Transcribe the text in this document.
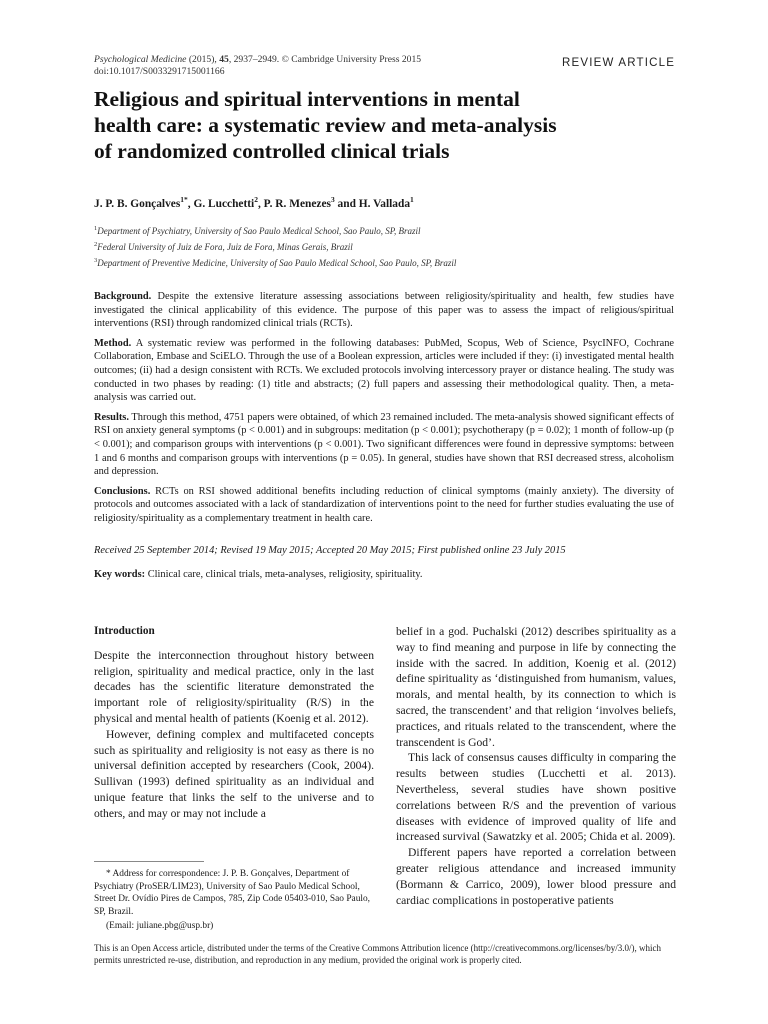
Psychological Medicine (2015), 45, 2937–2949. © Cambridge University Press 2015
doi:10.1017/S0033291715001166
REVIEW ARTICLE
Religious and spiritual interventions in mental
health care: a systematic review and meta-analysis
of randomized controlled clinical trials
J. P. B. Gonçalves$^{1*}$, G. Lucchetti$^2$, P. R. Menezes$^3$ and H. Vallada$^1$
$^1$Department of Psychiatry, University of Sao Paulo Medical School, Sao Paulo, SP, Brazil
$^2$Federal University of Juiz de Fora, Juiz de Fora, Minas Gerais, Brazil
$^3$Department of Preventive Medicine, University of Sao Paulo Medical School, Sao Paulo, SP, Brazil

Background. Despite the extensive literature assessing associations between religiosity/spirituality and health, few studies have investigated the clinical applicability of this evidence. The purpose of this paper was to assess the impact of religious/spiritual interventions (RSI) through randomized clinical trials (RCTs).

Method. A systematic review was performed in the following databases: PubMed, Scopus, Web of Science, PsycINFO, Cochrane Collaboration, Embase and SciELO. Through the use of a Boolean expression, articles were included if they: (i) investigated mental health outcomes; (ii) had a design consistent with RCTs. We excluded protocols involving intercessory prayer or distance healing. The study was conducted in two phases by reading: (1) title and abstracts; (2) full papers and assessing their methodological quality. Then, a meta-analysis was carried out.

Results. Through this method, 4751 papers were obtained, of which 23 remained included. The meta-analysis showed significant effects of RSI on anxiety general symptoms (p < 0.001) and in subgroups: meditation (p < 0.001); psychotherapy (p = 0.02); 1 month of follow-up (p < 0.001); and comparison groups with interventions (p < 0.001). Two significant differences were found in depressive symptoms: between 1 and 6 months and comparison groups with interventions (p = 0.05). In general, studies have shown that RSI decreased stress, alcoholism and depression.

Conclusions. RCTs on RSI showed additional benefits including reduction of clinical symptoms (mainly anxiety). The diversity of protocols and outcomes associated with a lack of standardization of interventions point to the need for further studies evaluating the use of religiosity/spirituality as a complementary treatment in health care.

Received 25 September 2014; Revised 19 May 2015; Accepted 20 May 2015; First published online 23 July 2015
Key words: Clinical care, clinical trials, meta-analyses, religiosity, spirituality.
Introduction

Despite the interconnection throughout history between religion, spirituality and medical practice, only in the last decades has the scientific literature demonstrated the important role of religiosity/spirituality (R/S) in the physical and mental health of patients (Koenig et al. 2012).

However, defining complex and multifaceted concepts such as spirituality and religiosity is not easy as there is no universal definition accepted by researchers (Cook, 2004). Sullivan (1993) defined spirituality as an individual and unique feature that links the self to the universe and to others, and may or may not include a

* Address for correspondence: J. P. B. Gonçalves, Department of Psychiatry (ProSER/LIM23), University of Sao Paulo Medical School, Street Dr. Ovídio Pires de Campos, 785, Zip Code 05403-010, Sao Paulo, SP, Brazil.
(Email: juliane.pbg@usp.br)

belief in a god. Puchalski (2012) describes spirituality as a way to find meaning and purpose in life by connecting the inside with the sacred. In addition, Koenig et al. (2012) define spirituality as ‘distinguished from humanism, values, morals, and mental health, by its connection to which is sacred, the transcendent’ and that religion ‘involves beliefs, practices, and rituals related to the transcendent, where the transcendent is God’.

This lack of consensus causes difficulty in comparing the results between studies (Lucchetti et al. 2013). Nevertheless, several studies have shown positive correlations between R/S and the prevention of various diseases with evidence of improved quality of life and increased survival (Sawatzky et al. 2005; Chida et al. 2009).

Different papers have reported a correlation between greater religious attendance and increased immunity (Bormann & Carrico, 2009), lower blood pressure and cardiac complications in postoperative patients

This is an Open Access article, distributed under the terms of the Creative Commons Attribution licence (http://creativecommons.org/licenses/by/3.0/), which permits unrestricted re-use, distribution, and reproduction in any medium, provided the original work is properly cited.
